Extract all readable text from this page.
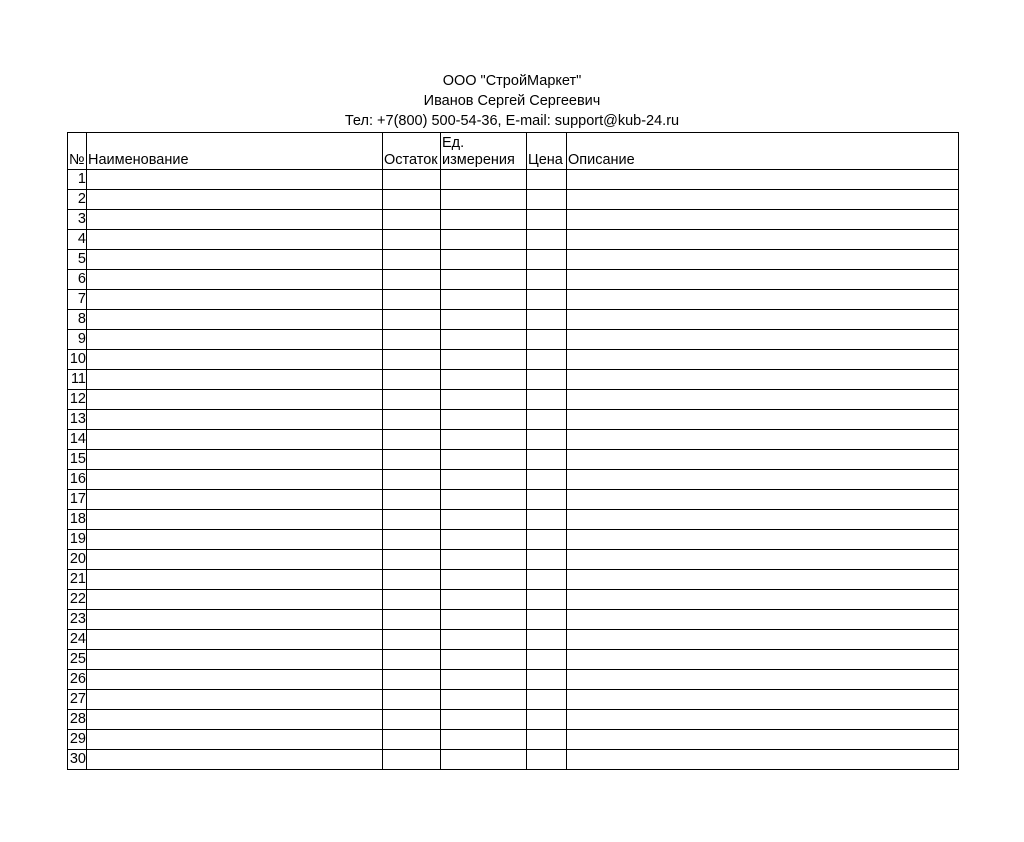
ООО "СтройМаркет"
Иванов Сергей Сергеевич
Тел: +7(800) 500-54-36, E-mail: support@kub-24.ru
№	Наименование	Остаток	Ед. измерения	Цена	Описание
1					
2					
3					
4					
5					
6					
7					
8					
9					
10					
11					
12					
13					
14					
15					
16					
17					
18					
19					
20					
21					
22					
23					
24					
25					
26					
27					
28					
29					
30					
